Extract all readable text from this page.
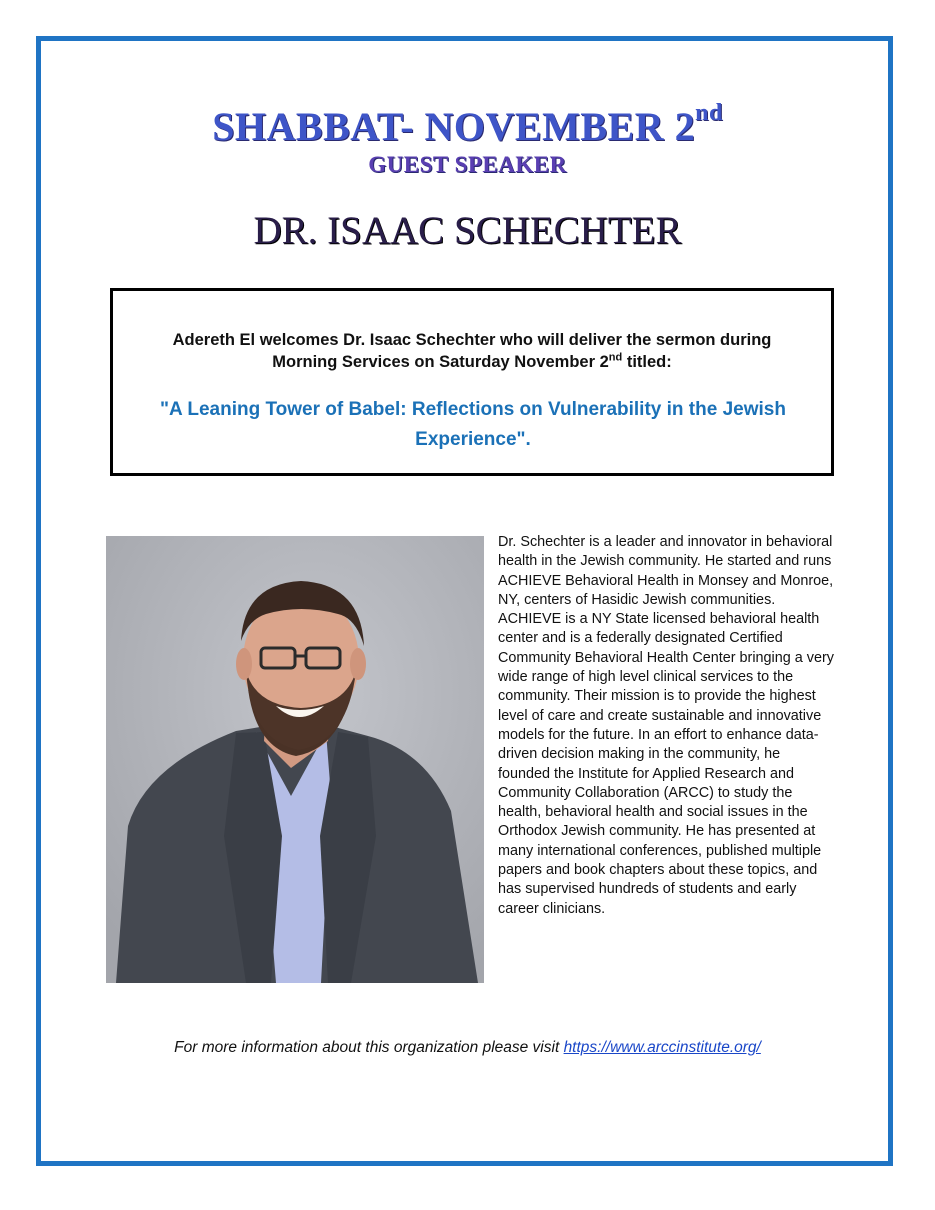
SHABBAT- NOVEMBER 2nd
GUEST SPEAKER
DR. ISAAC SCHECHTER
Adereth El welcomes Dr. Isaac Schechter who will deliver the sermon during
Morning Services on Saturday November 2nd titled:
"A Leaning Tower of Babel: Reflections on Vulnerability in the Jewish Experience".
Dr. Schechter is a leader and innovator in behavioral health in the Jewish community. He started and runs ACHIEVE Behavioral Health in Monsey and Monroe, NY, centers of Hasidic Jewish communities. ACHIEVE is a NY State licensed behavioral health center and is a federally designated Certified Community Behavioral Health Center bringing a very wide range of high level clinical services to the community. Their mission is to provide the highest level of care and create sustainable and innovative models for the future. In an effort to enhance data-driven decision making in the community, he founded the Institute for Applied Research and Community Collaboration (ARCC) to study the health, behavioral health and social issues in the Orthodox Jewish community. He has presented at many international conferences, published multiple papers and book chapters about these topics, and has supervised hundreds of students and early career clinicians.
For more information about this organization please visit https://www.arccinstitute.org/
